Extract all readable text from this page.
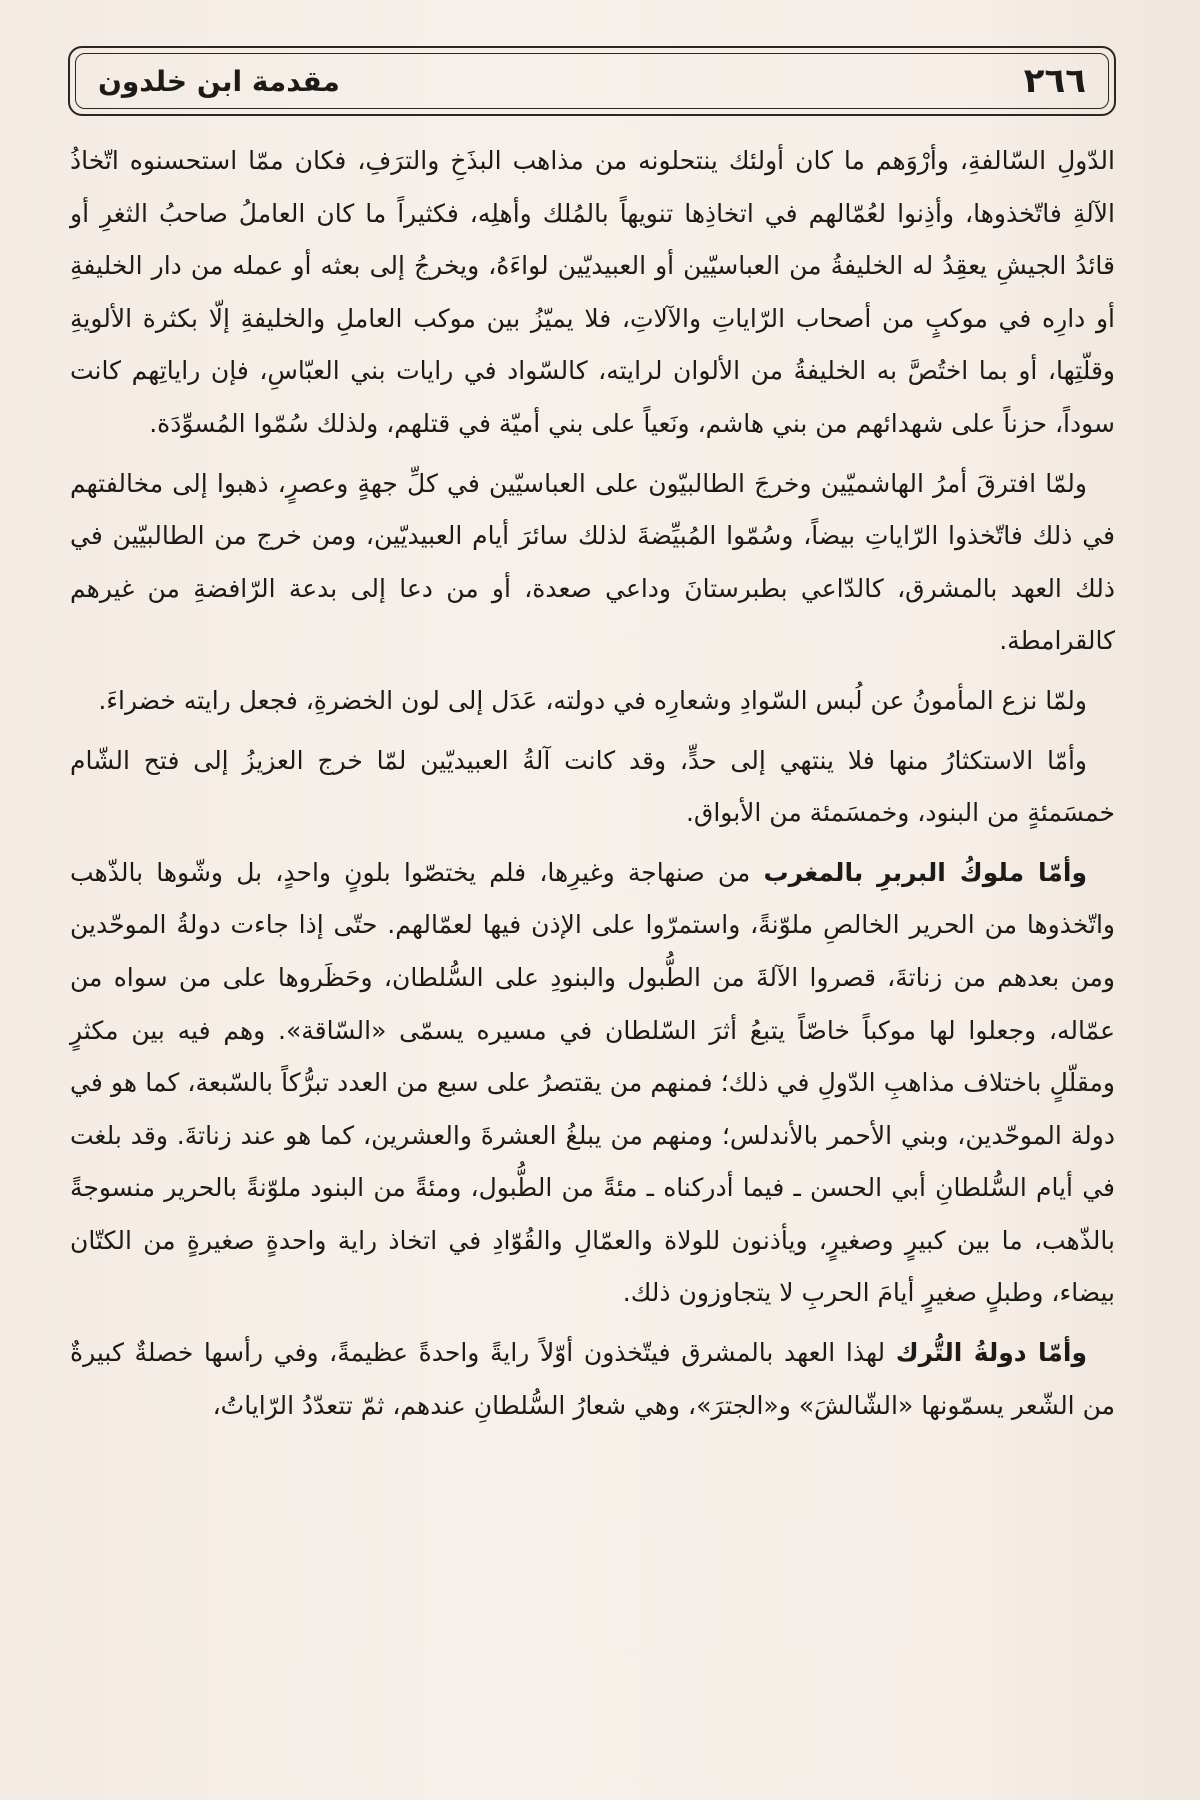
٢٦٦
مقدمة ابن خلدون

الدّولِ السّالفةِ، وأرْوَهم ما كان أولئك ينتحلونه من مذاهب البذَخِ والترَفِ، فكان ممّا استحسنوه اتّخاذُ الآلةِ فاتّخذوها، وأذِنوا لعُمّالهم في اتخاذِها تنويهاً بالمُلك وأهلِه، فكثيراً ما كان العاملُ صاحبُ الثغرِ أو قائدُ الجيشِ يعقِدُ له الخليفةُ من العباسيّين أو العبيديّين لواءَهُ، ويخرجُ إلى بعثه أو عمله من دار الخليفةِ أو دارِه في موكبٍ من أصحاب الرّاياتِ والآلاتِ، فلا يميّزُ بين موكب العاملِ والخليفةِ إلّا بكثرة الألويةِ وقلّتِها، أو بما اختُصَّ به الخليفةُ من الألوان لرايته، كالسّواد في رايات بني العبّاسِ، فإن راياتِهم كانت سوداً، حزناً على شهدائهم من بني هاشم، ونَعياً على بني أميّة في قتلهم، ولذلك سُمّوا المُسوِّدَة.

ولمّا افترقَ أمرُ الهاشميّين وخرجَ الطالبيّون على العباسيّين في كلِّ جهةٍ وعصرٍ، ذهبوا إلى مخالفتهم في ذلك فاتّخذوا الرّاياتِ بيضاً، وسُمّوا المُبيِّضةَ لذلك سائرَ أيام العبيديّين، ومن خرج من الطالبيّين في ذلك العهد بالمشرق، كالدّاعي بطبرستانَ وداعي صعدة، أو من دعا إلى بدعة الرّافضةِ من غيرهم كالقرامطة.

ولمّا نزع المأمونُ عن لُبس السّوادِ وشعارِه في دولته، عَدَل إلى لون الخضرةِ، فجعل رايته خضراءَ.

وأمّا الاستكثارُ منها فلا ينتهي إلى حدٍّ، وقد كانت آلةُ العبيديّين لمّا خرج العزيزُ إلى فتح الشّام خمسَمئةٍ من البنود، وخمسَمئة من الأبواق.

وأمّا ملوكُ البربرِ بالمغرب من صنهاجة وغيرِها، فلم يختصّوا بلونٍ واحدٍ، بل وشّوها بالذّهب واتّخذوها من الحرير الخالصِ ملوّنةً، واستمرّوا على الإذن فيها لعمّالهم. حتّى إذا جاءت دولةُ الموحّدين ومن بعدهم من زناتةَ، قصروا الآلةَ من الطُّبول والبنودِ على السُّلطان، وحَظَروها على من سواه من عمّاله، وجعلوا لها موكباً خاصّاً يتبعُ أثرَ السّلطان في مسيره يسمّى «السّاقة». وهم فيه بين مكثرٍ ومقلّلٍ باختلاف مذاهبِ الدّولِ في ذلك؛ فمنهم من يقتصرُ على سبع من العدد تبرُّكاً بالسّبعة، كما هو في دولة الموحّدين، وبني الأحمر بالأندلس؛ ومنهم من يبلغُ العشرةَ والعشرين، كما هو عند زناتةَ. وقد بلغت في أيام السُّلطانِ أبي الحسن ـ فيما أدركناه ـ مئةً من الطُّبول، ومئةً من البنود ملوّنةً بالحرير منسوجةً بالذّهب، ما بين كبيرٍ وصغيرٍ، ويأذنون للولاة والعمّالِ والقُوّادِ في اتخاذ راية واحدةٍ صغيرةٍ من الكتّان بيضاء، وطبلٍ صغيرٍ أيامَ الحربِ لا يتجاوزون ذلك.

وأمّا دولةُ التُّرك لهذا العهد بالمشرق فيتّخذون أوّلاً رايةً واحدةً عظيمةً، وفي رأسها خصلةٌ كبيرةٌ من الشّعر يسمّونها «الشّالشَ» و«الجترَ»، وهي شعارُ السُّلطانِ عندهم، ثمّ تتعدّدُ الرّاياتُ،
